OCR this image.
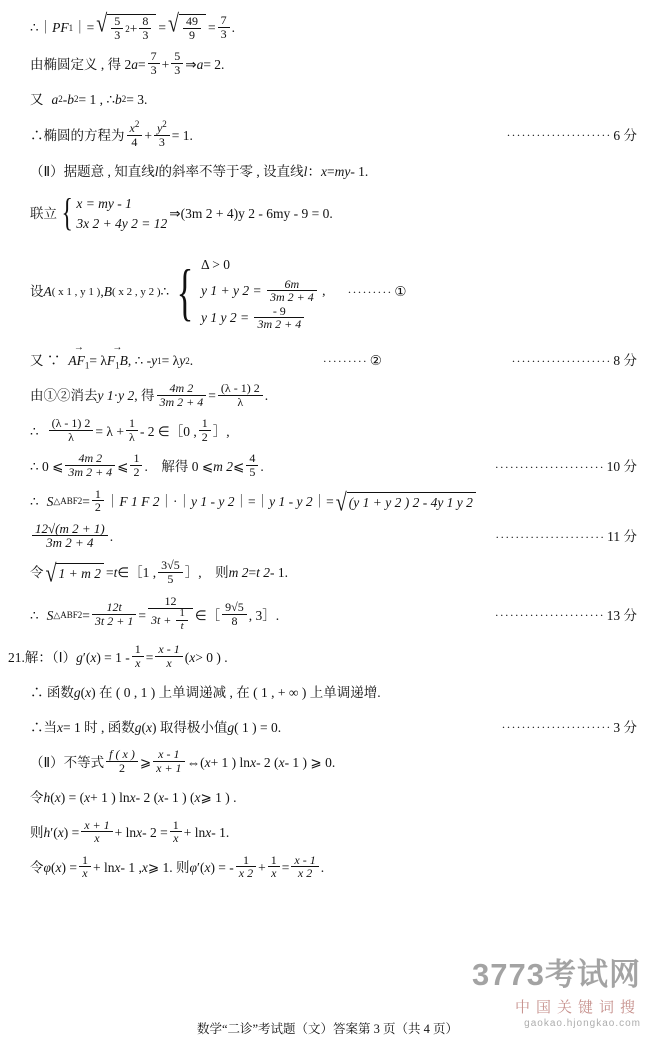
∴｜ PF 1 ｜= √ $\frac{5}{3} 2 + \frac{8}{3}$ = √ $\frac{49}{9} = \frac{7}{3}$ .
由椭圆定义 , 得 2 $a = \frac{7}{3} + \frac{5}{3}$ ⇒ a = 2.
又 a 2 - b 2 = 1 , ∴ b 2 = 3.
∴椭圆的方程为 $\frac{x^2}{4} + \frac{y^2}{3} = 1$.	····················· 6 分
（Ⅱ）据题意 , 知直线 l 的斜率不等于零 , 设直线 l ： x = m y - 1.
联立 { x = my - 1
3x 2 + 4y 2 = 12
⇒(3m 2 + 4)y 2 - 6my - 9 = 0.
设 A ( x 1 , y 1 ) , B ( x 2 , y 2 ) ∴ { Δ > 0
y 1 + y $2 = \frac{6m}{3m 2 + 4}$ ,
y 1 y $2 = \frac{- 9}{3m 2 + 4}$
········· ①
又 ∵ $AF_1$ → = λ $F_1B$ → , ∴ - y 1 = λ y 2 .	········· ②	···················· 8 分
由①②消去 y 1 · y 2 , 得 $\frac{4m 2}{3m 2 + 4} = \frac{(\lambda - 1) 2}{\lambda}$ .
∴ $\frac{(\lambda - 1) 2}{\lambda} = \lambda + \frac{1}{\lambda} - 2$ ∈［0 , $\frac{1}{2}$ ］,
∴ 0 ⩽ $\frac{4m 2}{3m 2 + 4}$ ⩽ $\frac{1}{2}$ .　解得 0 ⩽ m 2 ⩽ $\frac{4}{5}$ .	······················ 10 分
∴ S △ABF $2 = \frac{1}{2}$ ｜ F 1 F 2 ｜·｜ y 1 - y 2 ｜=｜ y 1 - y 2 ｜= √ (y 1 + y 2 ) 2 - 4y 1 y 2
$\frac{12√(m 2 + 1)}{3m 2 + 4}$ .	······················ 11 分
令 √ 1 + m 2 = t ∈［1 , $\frac{3√5}{5}$ ］,　则 m 2 = t 2 - 1.
∴ S △ABF $2 = \frac{12t}{3t 2 + 1} = \frac{12}{3t + \frac{1}{t}}$ ∈［ $\frac{9√5}{8}$ , 3］.	······················ 13 分
21. 解：（Ⅰ） g ′( x ) = $1 - \frac{1}{x} = \frac{x - 1}{x}$ ( x > 0 ) .
∴ 函数 g ( x ) 在 ( 0 , 1 ) 上单调递减 , 在 ( 1 , + ∞ ) 上单调递增.
∴当 x = 1 时 , 函数 g ( x ) 取得极小值 g ( 1 ) = 0.	······················ 3 分
（Ⅱ）不等式 $\frac{f ( x )}{2}$ ⩾ $\frac{x - 1}{x + 1}$ ⇔( x + 1 ) ln x - 2 ( x - 1 ) ⩾ 0.
令 h ( x ) = ( x + 1 ) ln x - 2 ( x - 1 ) ( x ⩾ 1 ) .
则 h ′( x ) = $\frac{x + 1}{x} + \ln x - 2 = \frac{1}{x} + \ln x - 1$.
令 φ ( x ) = $\frac{1}{x} + \ln x - 1$ , x ⩾ 1. 则 φ ′( x ) = - $\frac{1}{x 2} + \frac{1}{x} = \frac{x - 1}{x 2}$ .
3773考试网
中国关键词搜
gaokao.hjongkao.com
数学“二诊”考试题（文）答案第 3 页（共 4 页）
